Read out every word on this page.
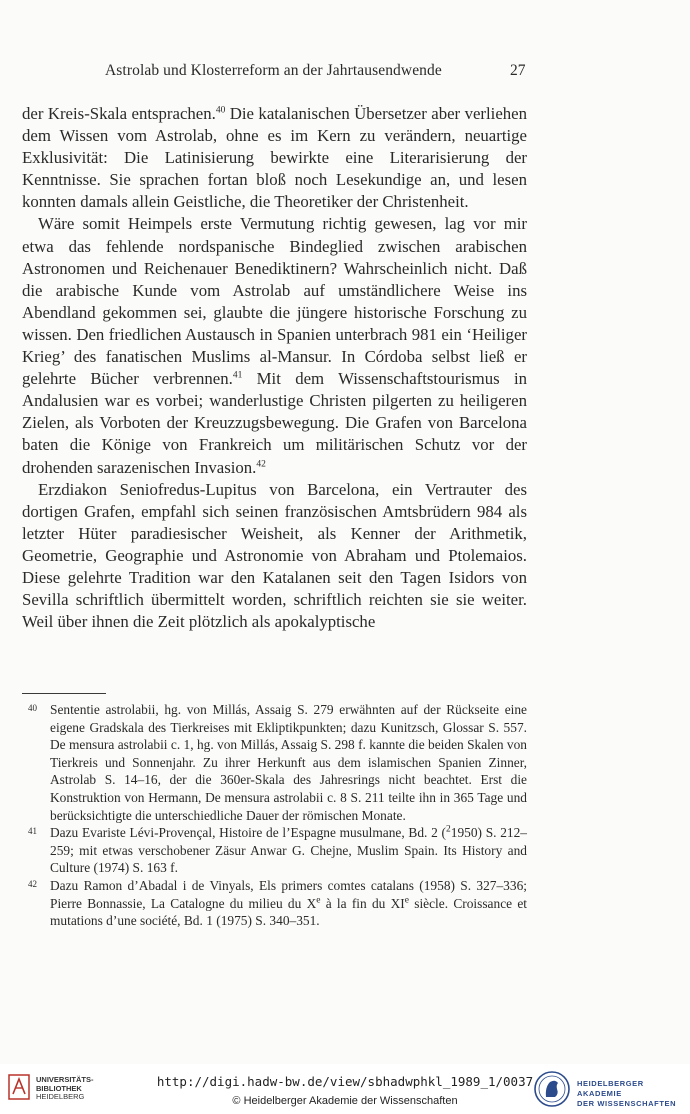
Astrolab und Klosterreform an der Jahrtausendwende	27

der Kreis-Skala entsprachen.$^{40}$ Die katalanischen Übersetzer aber verliehen dem Wissen vom Astrolab, ohne es im Kern zu verändern, neuartige Exklusivität: Die Latinisierung bewirkte eine Literarisierung der Kenntnisse. Sie sprachen fortan bloß noch Lesekundige an, und lesen konnten damals allein Geistliche, die Theoretiker der Christenheit.

Wäre somit Heimpels erste Vermutung richtig gewesen, lag vor mir etwa das fehlende nordspanische Bindeglied zwischen arabischen Astronomen und Reichenauer Benediktinern? Wahrscheinlich nicht. Daß die arabische Kunde vom Astrolab auf umständlichere Weise ins Abendland gekommen sei, glaubte die jüngere historische Forschung zu wissen. Den friedlichen Austausch in Spanien unterbrach 981 ein ‘Heiliger Krieg’ des fanatischen Muslims al-Mansur. In Córdoba selbst ließ er gelehrte Bücher verbrennen.$^{41}$ Mit dem Wissenschaftstourismus in Andalusien war es vorbei; wanderlustige Christen pilgerten zu heiligeren Zielen, als Vorboten der Kreuzzugsbewegung. Die Grafen von Barcelona baten die Könige von Frankreich um militärischen Schutz vor der drohenden sarazenischen Invasion.$^{42}$

Erzdiakon Seniofredus-Lupitus von Barcelona, ein Vertrauter des dortigen Grafen, empfahl sich seinen französischen Amtsbrüdern 984 als letzter Hüter paradiesischer Weisheit, als Kenner der Arithmetik, Geometrie, Geographie und Astronomie von Abraham und Ptolemaios. Diese gelehrte Tradition war den Katalanen seit den Tagen Isidors von Sevilla schriftlich übermittelt worden, schriftlich reichten sie sie weiter. Weil über ihnen die Zeit plötzlich als apokalyptische

40 Sententie astrolabii, hg. von Millás, Assaig S. 279 erwähnten auf der Rückseite eine eigene Gradskala des Tierkreises mit Ekliptikpunkten; dazu Kunitzsch, Glossar S. 557. De mensura astrolabii c. 1, hg. von Millás, Assaig S. 298 f. kannte die beiden Skalen von Tierkreis und Sonnenjahr. Zu ihrer Herkunft aus dem islamischen Spanien Zinner, Astrolab S. 14–16, der die 360er-Skala des Jahresrings nicht beachtet. Erst die Konstruktion von Hermann, De mensura astrolabii c. 8 S. 211 teilte ihn in 365 Tage und berücksichtigte die unterschiedliche Dauer der römischen Monate.
41 Dazu Evariste Lévi-Provençal, Histoire de l’Espagne musulmane, Bd. 2 ($^2$1950) S. 212–259; mit etwas verschobener Zäsur Anwar G. Chejne, Muslim Spain. Its History and Culture (1974) S. 163 f.
42 Dazu Ramon d’Abadal i de Vinyals, Els primers comtes catalans (1958) S. 327–336; Pierre Bonnassie, La Catalogne du milieu du Xe à la fin du XIe siècle. Croissance et mutations d’une société, Bd. 1 (1975) S. 340–351.
UNIVERSITÄTS-
BIBLIOTHEK
HEIDELBERG
http://digi.hadw-bw.de/view/sbhadwphkl_1989_1/0037
© Heidelberger Akademie der Wissenschaften
HEIDELBERGER AKADEMIE
DER WISSENSCHAFTEN
